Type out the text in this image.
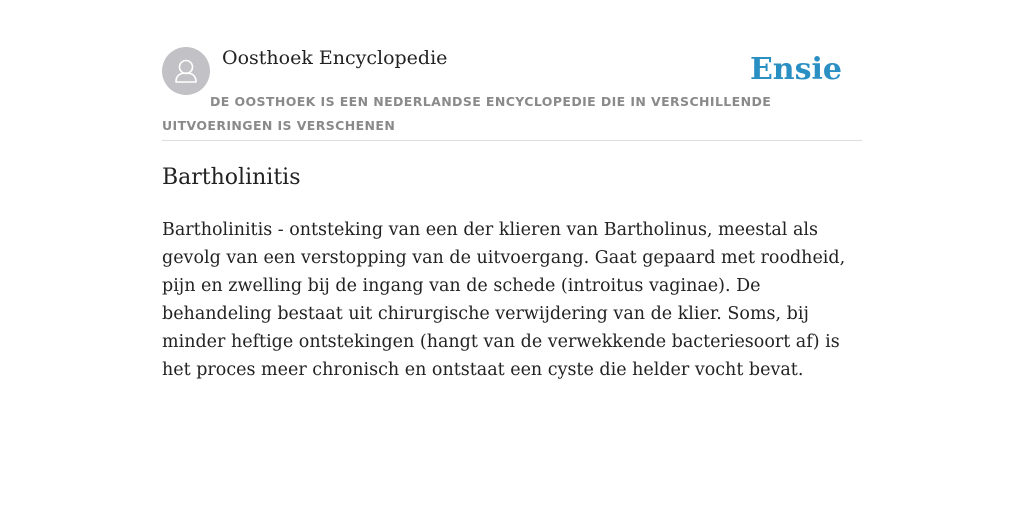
Oosthoek Encyclopedie	Ensie
DE OOSTHOEK IS EEN NEDERLANDSE ENCYCLOPEDIE DIE IN VERSCHILLENDE UITVOERINGEN IS VERSCHENEN
Bartholinitis

Bartholinitis - ontsteking van een der klieren van Bartholinus, meestal als gevolg van een verstopping van de uitvoergang. Gaat gepaard met roodheid, pijn en zwelling bij de ingang van de schede (introitus vaginae). De behandeling bestaat uit chirurgische verwijdering van de klier. Soms, bij minder heftige ontstekingen (hangt van de verwekkende bacteriesoort af) is het proces meer chronisch en ontstaat een cyste die helder vocht bevat.
